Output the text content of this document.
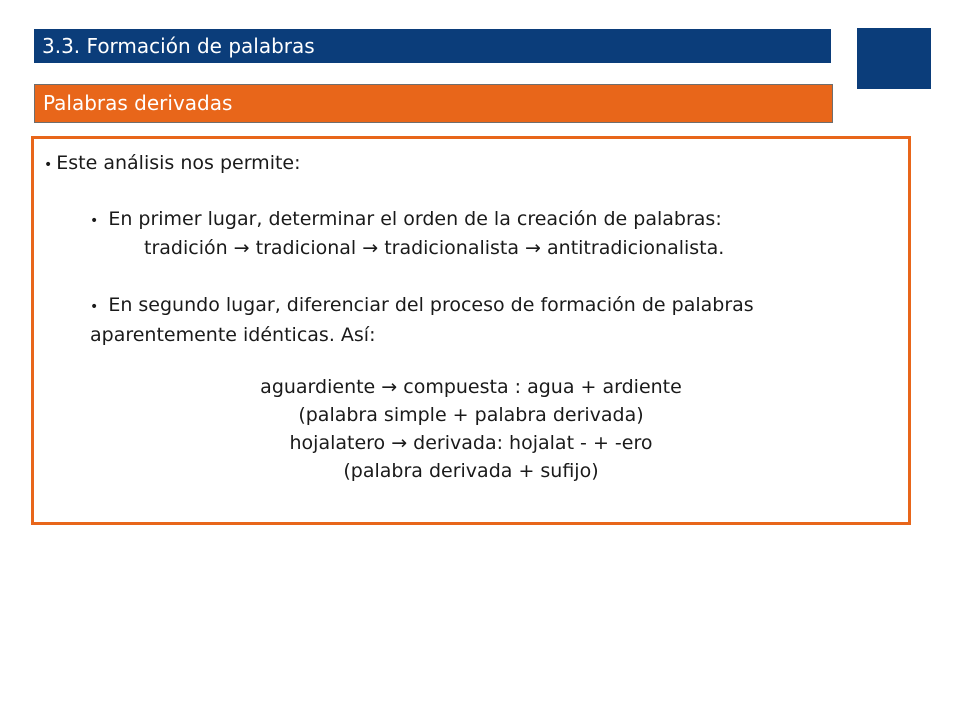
3.3. Formación de palabras
Palabras derivadas

• Este análisis nos permite:

• En primer lugar, determinar el orden de la creación de palabras:

tradición → tradicional → tradicionalista → antitradicionalista.

• En segundo lugar, diferenciar del proceso de formación de palabras aparentemente idénticas. Así:

aguardiente → compuesta : agua + ardiente
(palabra simple + palabra derivada)
hojalatero → derivada: hojalat - + -ero
(palabra derivada + sufijo)
